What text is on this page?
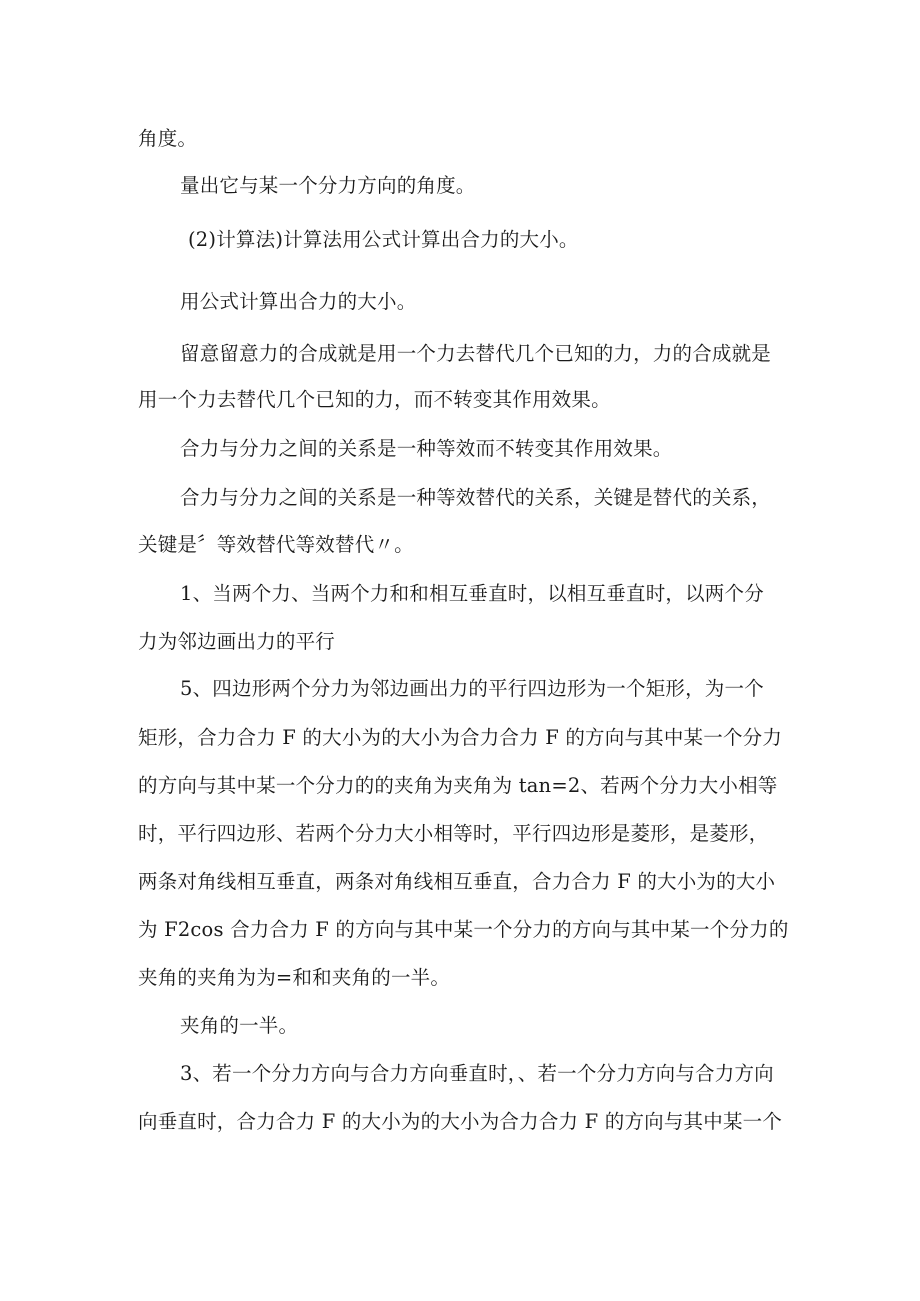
角度。
量出它与某一个分力方向的角度。
(2)计算法)计算法用公式计算出合力的大小。
用公式计算出合力的大小。
留意留意力的合成就是用一个力去替代几个已知的力，力的合成就是
用一个力去替代几个已知的力，而不转变其作用效果。
合力与分力之间的关系是一种等效而不转变其作用效果。
合力与分力之间的关系是一种等效替代的关系，关键是替代的关系，
关键是〞等效替代等效替代〃。
1、当两个力、当两个力和和相互垂直时，以相互垂直时，以两个分
力为邻边画出力的平行
5、四边形两个分力为邻边画出力的平行四边形为一个矩形，为一个
矩形，合力合力 F 的大小为的大小为合力合力 F 的方向与其中某一个分力
的方向与其中某一个分力的的夹角为夹角为 tan=2、若两个分力大小相等
时，平行四边形、若两个分力大小相等时，平行四边形是菱形，是菱形，
两条对角线相互垂直，两条对角线相互垂直，合力合力 F 的大小为的大小
为 F2cos 合力合力 F 的方向与其中某一个分力的方向与其中某一个分力的
夹角的夹角为为=和和夹角的一半。
夹角的一半。
3、若一个分力方向与合力方向垂直时，、若一个分力方向与合力方向
向垂直时，合力合力 F 的大小为的大小为合力合力 F 的方向与其中某一个
